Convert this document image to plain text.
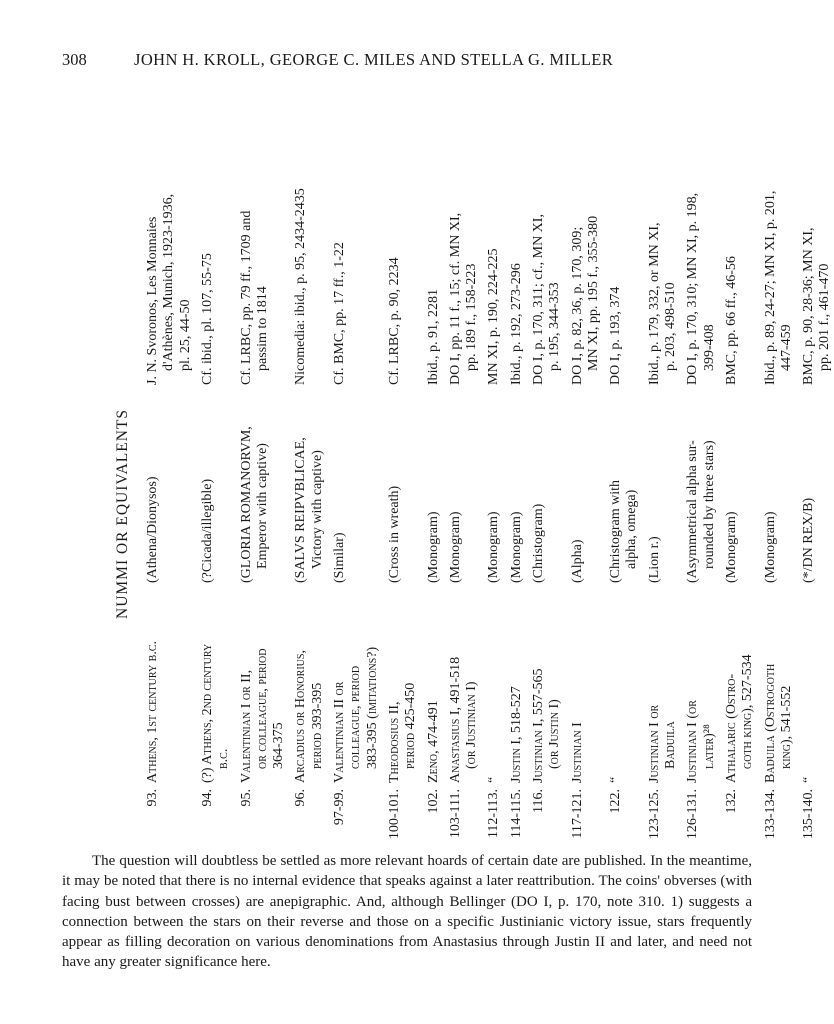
308	JOHN H. KROLL, GEORGE C. MILES AND STELLA G. MILLER
NUMMI OR EQUIVALENTS
93.
Athens, 1st century b.c.
(Athena/Dionysos)
J. N. Svoronos, Les Monnaies d'Athènes, Munich, 1923-1936, pl. 25, 44-50
94.
(?) Athens, 2nd century b.c.
(?Cicada/illegible)
Cf. ibid., pl. 107, 55-75
95.
Valentinian I or II, or colleague, period 364-375
(GLORIA ROMANORVM, Emperor with captive)
Cf. LRBC, pp. 79 ff., 1709 and passim to 1814
96.
Arcadius or Honorius, period 393-395
(SALVS REIPVBLICAE, Victory with captive)
Nicomedia: ibid., p. 95, 2434-2435
97-99.
Valentinian II or colleague, period 383-395 (imitations?)
(Similar)
Cf. BMC, pp. 17 ff., 1-22
100-101.
Theodosius II, period 425-450
(Cross in wreath)
Cf. LRBC, p. 90, 2234
102.
Zeno, 474-491
(Monogram)
Ibid., p. 91, 2281
103-111.
Anastasius I, 491-518 (or Justinian I)
(Monogram)
DO I, pp. 11 f., 15; cf. MN XI, pp. 189 f., 158-223
112-113.
“
(Monogram)
MN XI, p. 190, 224-225
114-115.
Justin I, 518-527
(Monogram)
Ibid., p. 192, 273-296
116.
Justinian I, 557-565 (or Justin I)
(Christogram)
DO I, p. 170, 311; cf., MN XI, p. 195, 344-353
117-121.
Justinian I
(Alpha)
DO I, p. 82, 36, p. 170, 309; MN XI, pp. 195 f., 355-380
122.
“
(Christogram with alpha, omega)
DO I, p. 193, 374
123-125.
Justinian I or Baduila
(Lion r.)
Ibid., p. 179, 332, or MN XI, p. 203, 498-510
126-131.
Justinian I (or later)²⁸
(Asymmetrical alpha sur- rounded by three stars)
DO I, p. 170, 310; MN XI, p. 198, 399-408
132.
Athalaric (Ostro- goth king), 527-534
(Monogram)
BMC, pp. 66 ff., 46-56
133-134.
Baduila (Ostrogoth king), 541-552
(Monogram)
Ibid., p. 89, 24-27; MN XI, p. 201, 447-459
135-140.
“
(*/DN REX/B)
BMC, p. 90, 28-36; MN XI, pp. 201 f., 461-470

The question will doubtless be settled as more relevant hoards of certain date are published. In the meantime, it may be noted that there is no internal evidence that speaks against a later reattribution. The coins' obverses (with facing bust between crosses) are anepigraphic. And, although Bellinger (DO I, p. 170, note 310. 1) suggests a connection between the stars on their reverse and those on a specific Justinianic victory issue, stars frequently appear as filling decoration on various denominations from Anastasius through Justin II and later, and need not have any greater significance here.
